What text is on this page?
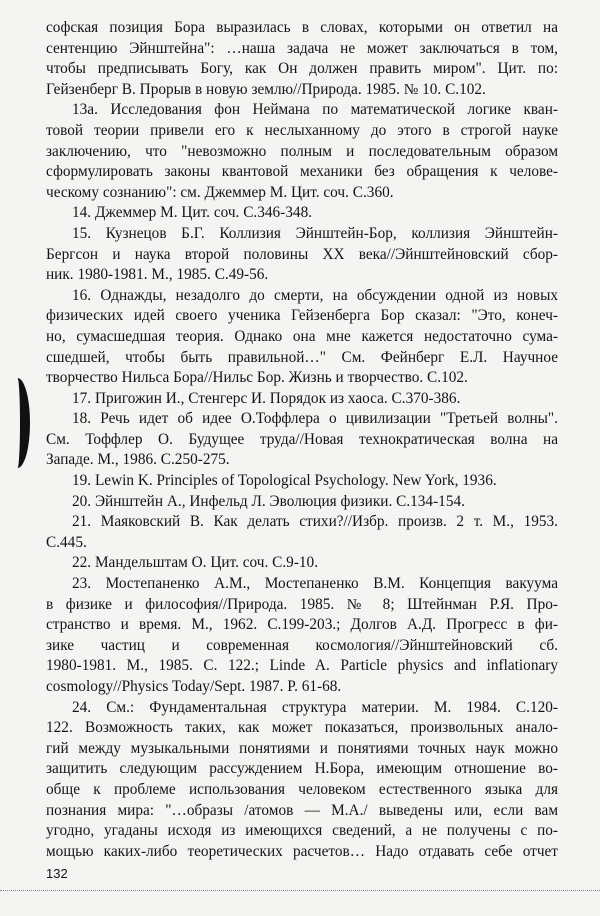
софская позиция Бора выразилась в словах, которыми он ответил на
сентенцию Эйнштейна": …наша задача не может заключаться в том,
чтобы предписывать Богу, как Он должен править миром". Цит. по:
Гейзенберг В. Прорыв в новую землю//Природа. 1985. № 10. С.102.
13а. Исследования фон Неймана по математической логике кван-
товой теории привели его к неслыханному до этого в строгой науке
заключению, что "невозможно полным и последовательным образом
сформулировать законы квантовой механики без обращения к челове-
ческому сознанию": см. Джеммер М. Цит. соч. С.360.
14. Джеммер М. Цит. соч. С.346-348.
15. Кузнецов Б.Г. Коллизия Эйнштейн-Бор, коллизия Эйнштейн-
Бергсон и наука второй половины XX века//Эйнштейновский сбор-
ник. 1980-1981. М., 1985. С.49-56.
16. Однажды, незадолго до смерти, на обсуждении одной из новых
физических идей своего ученика Гейзенберга Бор сказал: "Это, конеч-
но, сумасшедшая теория. Однако она мне кажется недостаточно сума-
сшедшей, чтобы быть правильной…" См. Фейнберг Е.Л. Научное
творчество Нильса Бора//Нильс Бор. Жизнь и творчество. С.102.
17. Пригожин И., Стенгерс И. Порядок из хаоса. С.370-386.
18. Речь идет об идее О.Тоффлера о цивилизации "Третьей волны".
См. Тоффлер О. Будущее труда//Новая технократическая волна на
Западе. М., 1986. С.250-275.
19. Lewin K. Principles of Topological Psychology. New York, 1936.
20. Эйнштейн А., Инфельд Л. Эволюция физики. С.134-154.
21. Маяковский В. Как делать стихи?//Избр. произв. 2 т. М., 1953.
С.445.
22. Мандельштам О. Цит. соч. С.9-10.
23. Мостепаненко А.М., Мостепаненко В.М. Концепция вакуума
в физике и философия//Природа. 1985. № 8; Штейнман Р.Я. Про-
странство и время. М., 1962. С.199-203.; Долгов А.Д. Прогресс в фи-
зике частиц и современная космология//Эйнштейновский сб.
1980-1981. М., 1985. С. 122.; Linde A. Particle physics and inflationary
cosmology//Physics Today/Sept. 1987. P. 61-68.
24. См.: Фундаментальная структура материи. М. 1984. С.120-
122. Возможность таких, как может показаться, произвольных анало-
гий между музыкальными понятиями и понятиями точных наук можно
защитить следующим рассуждением Н.Бора, имеющим отношение во-
обще к проблеме использования человеком естественного языка для
познания мира: "…образы /атомов — М.А./ выведены или, если вам
угодно, угаданы исходя из имеющихся сведений, а не получены с по-
мощью каких-либо теоретических расчетов… Надо отдавать себе отчет
132
